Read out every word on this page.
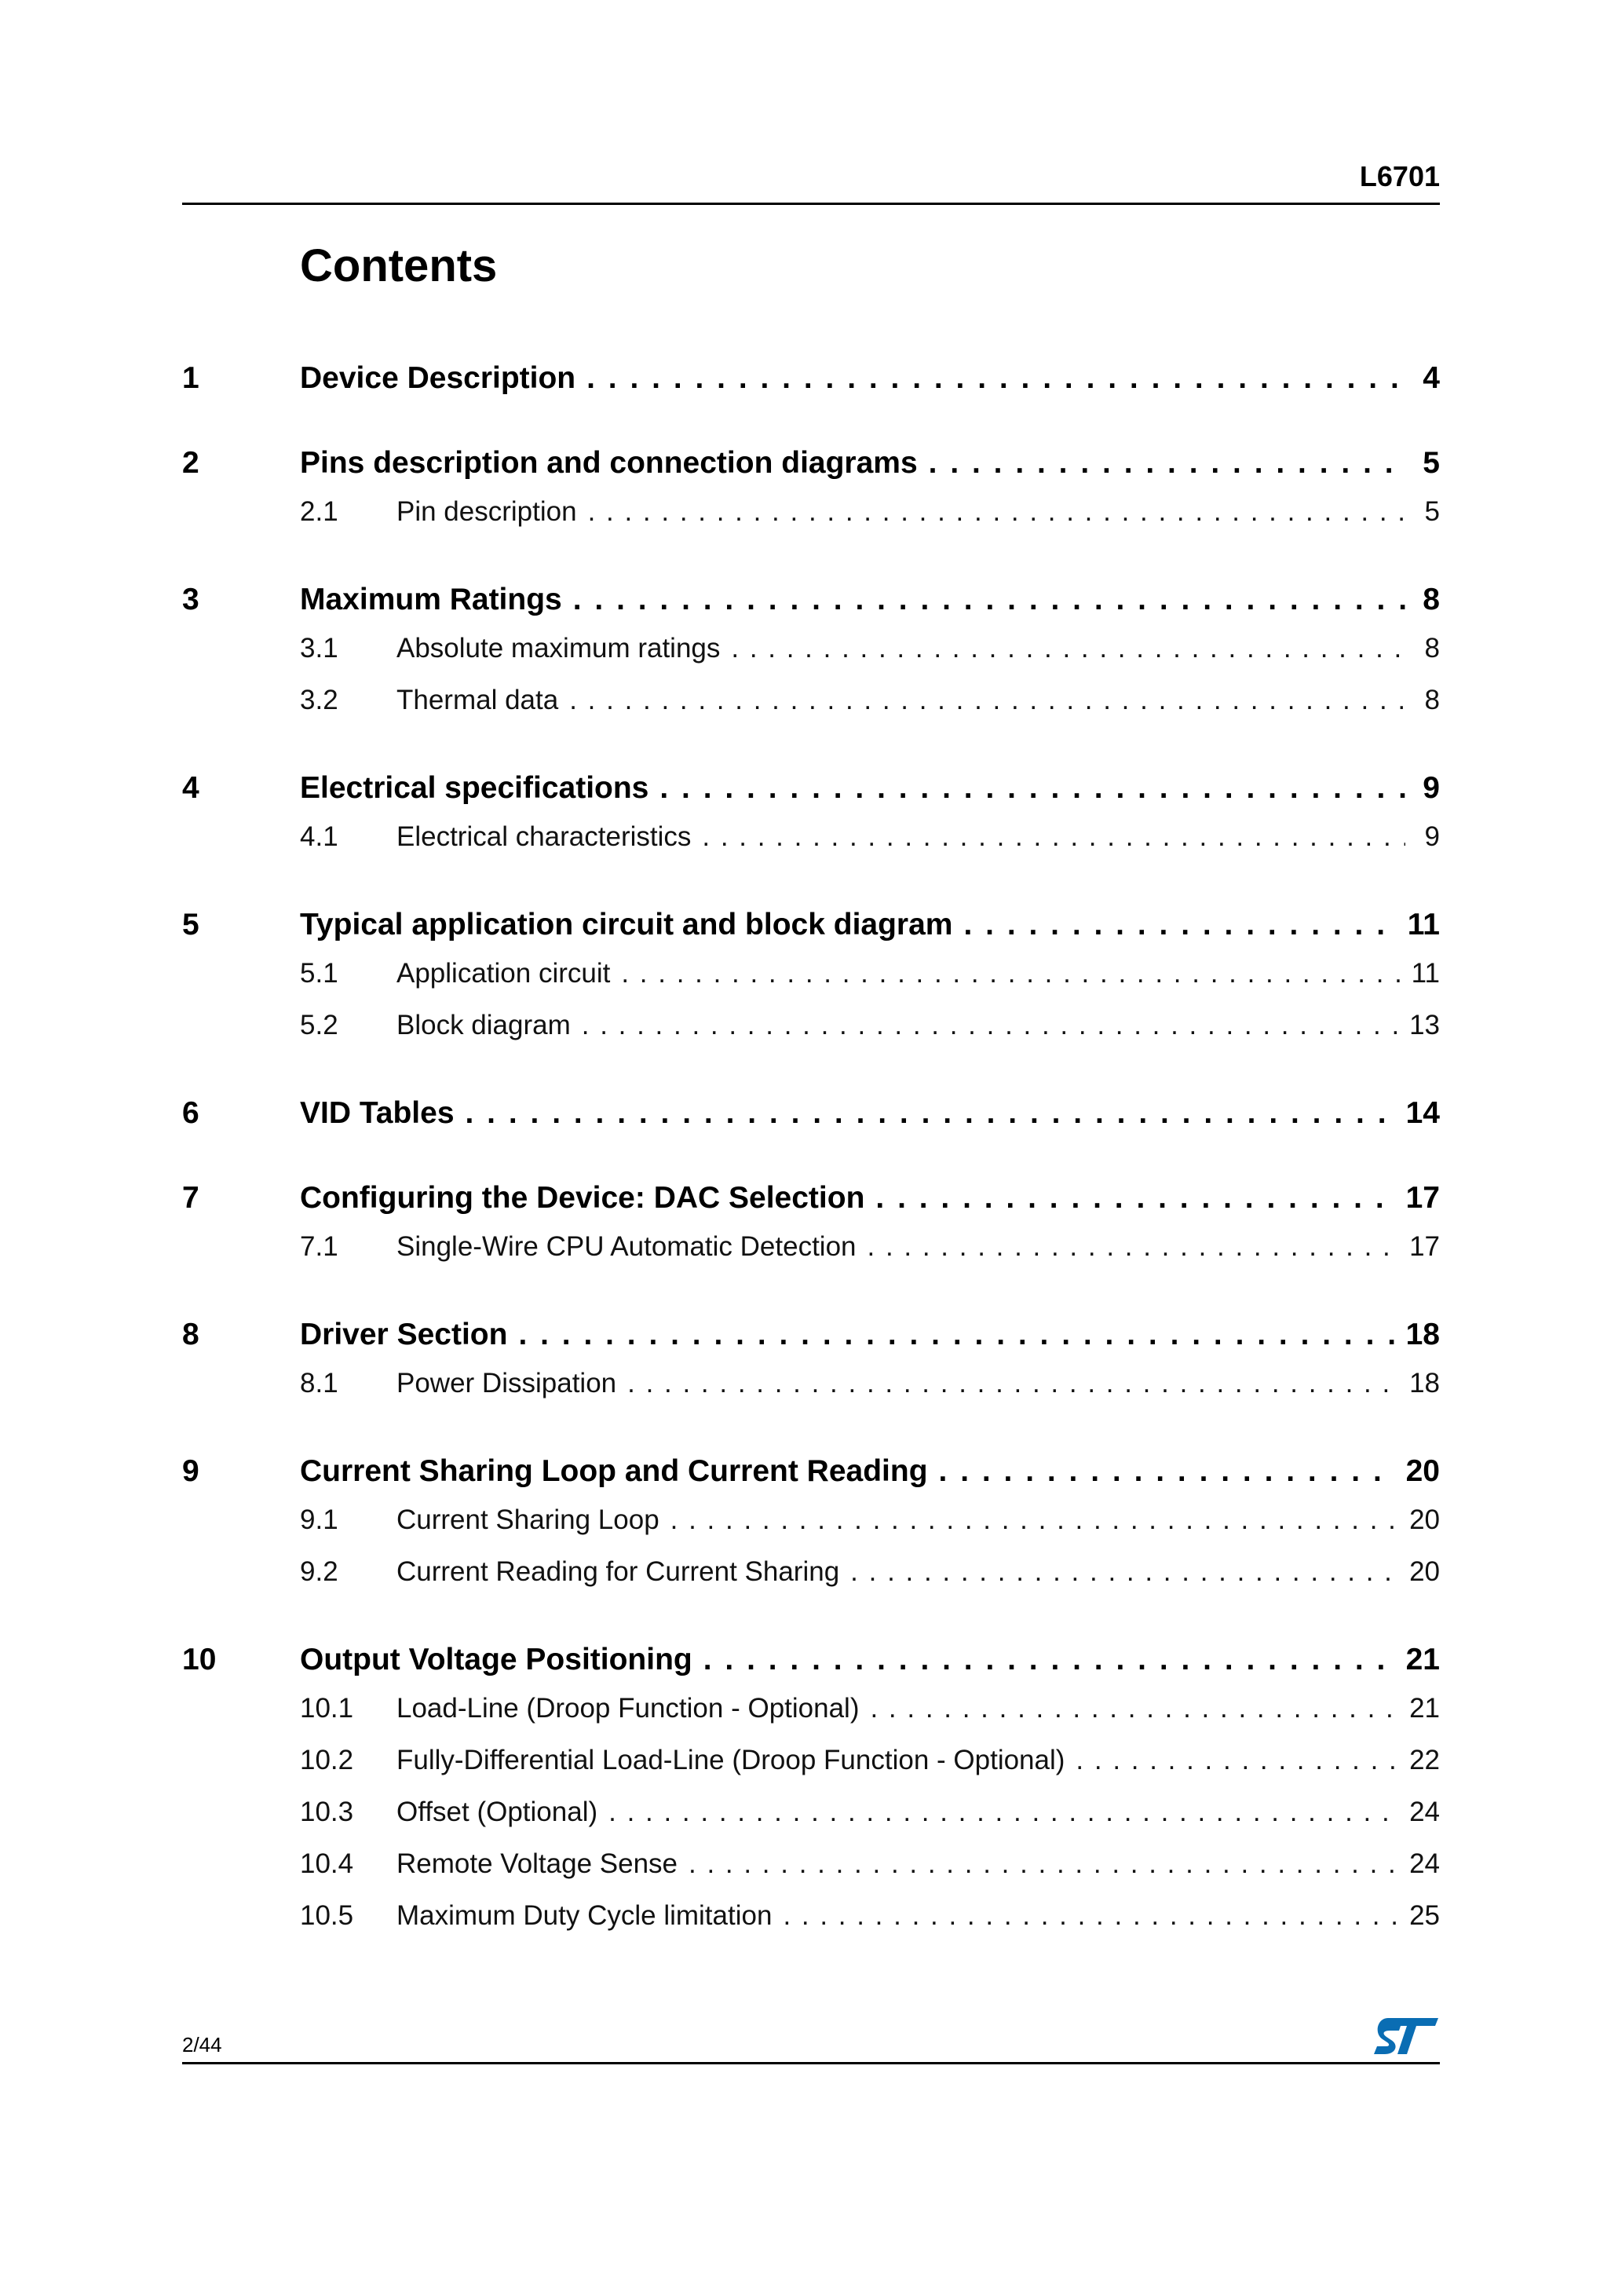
L6701
Contents
1	Device Description . . .	4
2	Pins description and connection diagrams . . .	5
2.1	Pin description . . .	5
3	Maximum Ratings . . .	8
3.1	Absolute maximum ratings . . .	8
3.2	Thermal data . . .	8
4	Electrical specifications . . .	9
4.1	Electrical characteristics . . .	9
5	Typical application circuit and block diagram . . .	11
5.1	Application circuit . . .	11
5.2	Block diagram . . .	13
6	VID Tables . . .	14
7	Configuring the Device: DAC Selection . . .	17
7.1	Single-Wire CPU Automatic Detection . . .	17
8	Driver Section . . .	18
8.1	Power Dissipation . . .	18
9	Current Sharing Loop and Current Reading . . .	20
9.1	Current Sharing Loop . . .	20
9.2	Current Reading for Current Sharing . . .	20
10	Output Voltage Positioning . . .	21
10.1	Load-Line (Droop Function - Optional) . . .	21
10.2	Fully-Differential Load-Line (Droop Function - Optional) . . .	22
10.3	Offset (Optional) . . .	24
10.4	Remote Voltage Sense . . .	24
10.5	Maximum Duty Cycle limitation . . .	25
2/44
